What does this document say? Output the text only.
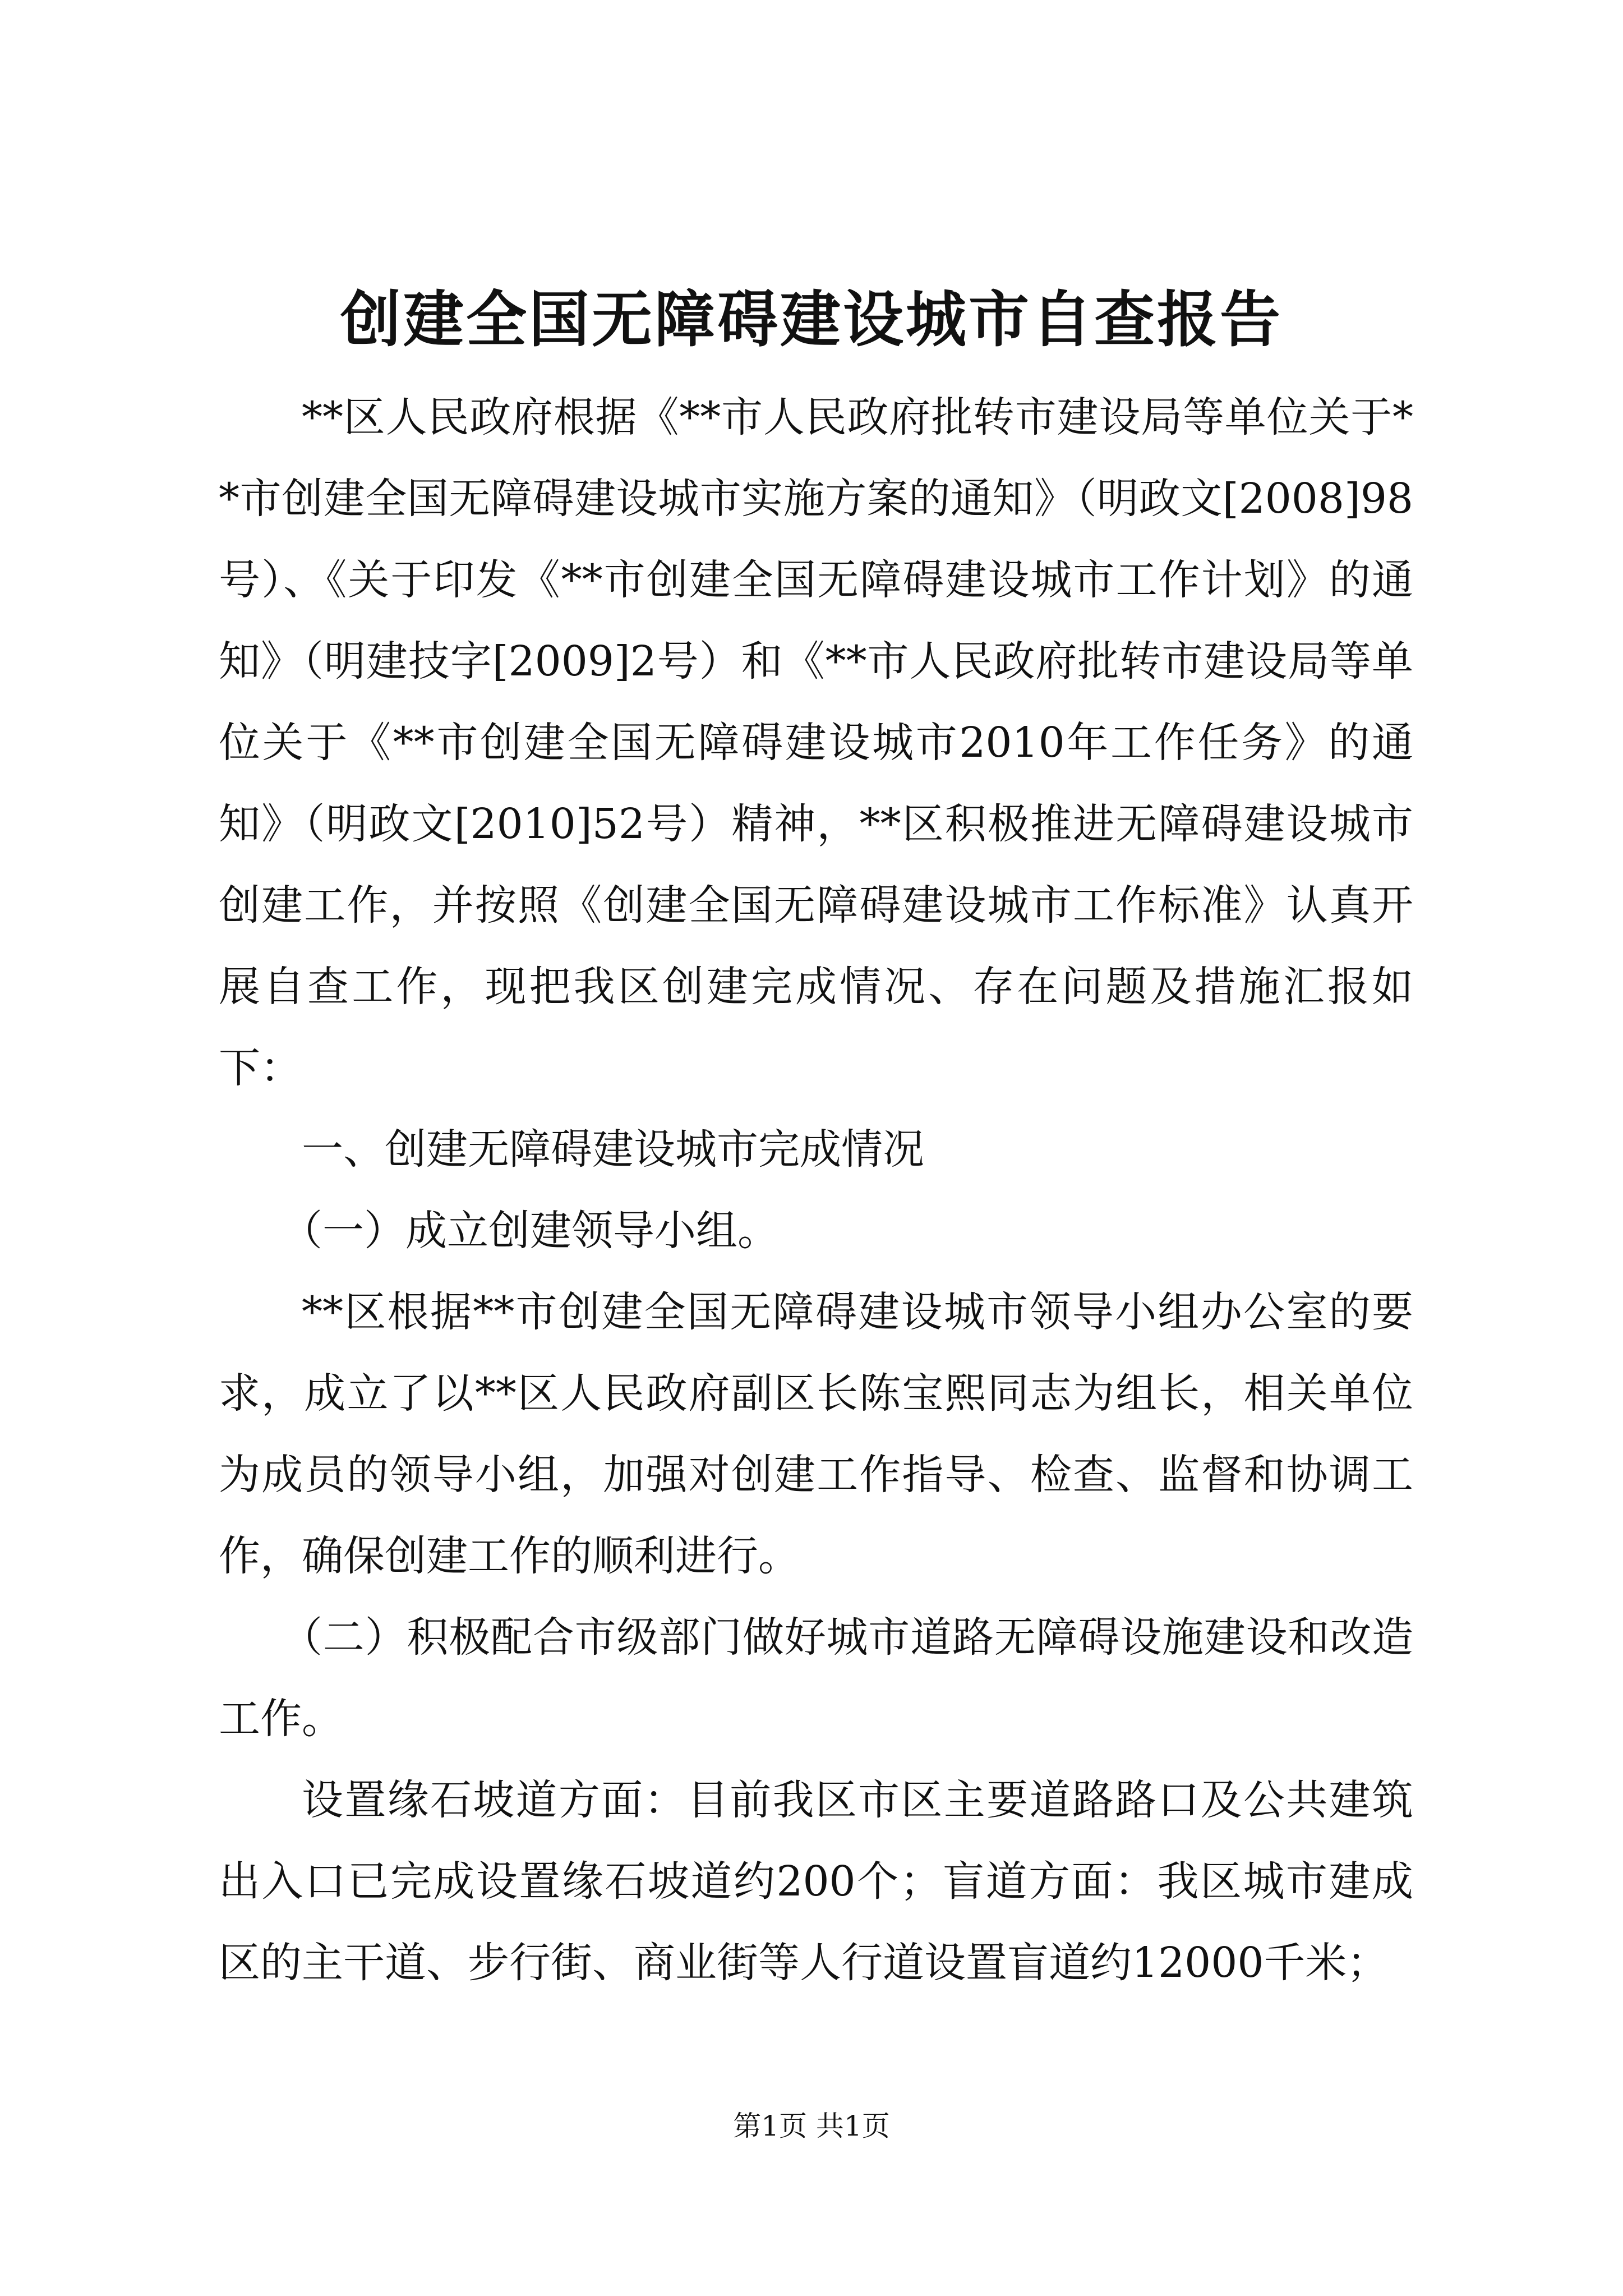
创建全国无障碍建设城市自查报告

**区人民政府根据《**市人民政府批转市建设局等单位关于**市创建全国无障碍建设城市实施方案的通知》（明政文[2008]98号）、《关于印发《**市创建全国无障碍建设城市工作计划》的通知》（明建技字[2009]2号）和《**市人民政府批转市建设局等单位关于《**市创建全国无障碍建设城市2010年工作任务》的通知》（明政文[2010]52号）精神，**区积极推进无障碍建设城市创建工作，并按照《创建全国无障碍建设城市工作标准》认真开展自查工作，现把我区创建完成情况、存在问题及措施汇报如下：

一、创建无障碍建设城市完成情况

（一）成立创建领导小组。

**区根据**市创建全国无障碍建设城市领导小组办公室的要求，成立了以**区人民政府副区长陈宝熙同志为组长，相关单位为成员的领导小组，加强对创建工作指导、检查、监督和协调工作，确保创建工作的顺利进行。

（二）积极配合市级部门做好城市道路无障碍设施建设和改造工作。

设置缘石坡道方面：目前我区市区主要道路路口及公共建筑出入口已完成设置缘石坡道约200个；盲道方面：我区城市建成区的主干道、步行街、商业街等人行道设置盲道约12000千米；

第1页 共1页
